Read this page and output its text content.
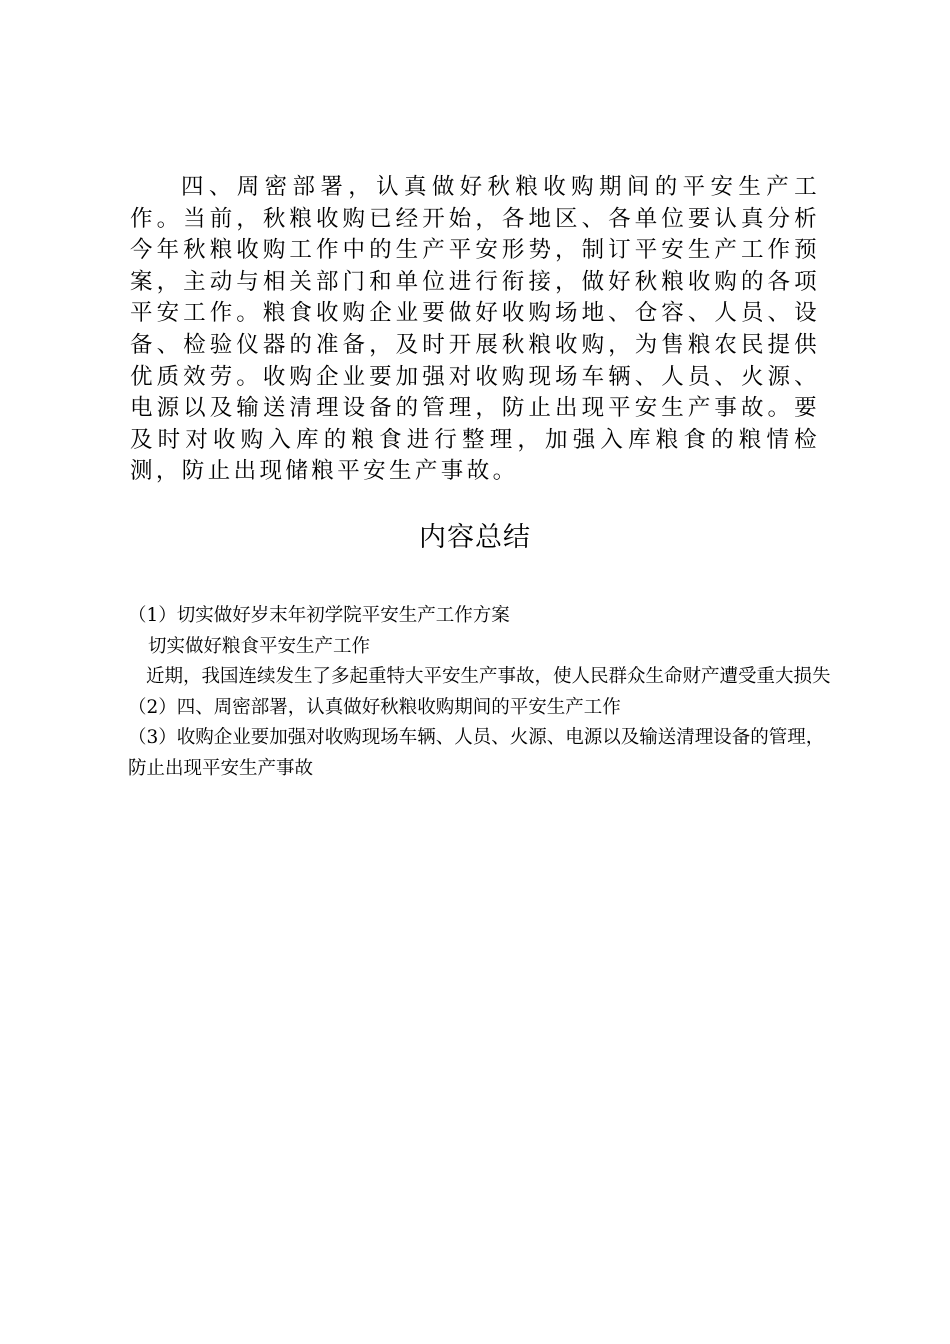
四、周密部署，认真做好秋粮收购期间的平安生产工作。当前，秋粮收购已经开始，各地区、各单位要认真分析今年秋粮收购工作中的生产平安形势，制订平安生产工作预案，主动与相关部门和单位进行衔接，做好秋粮收购的各项平安工作。粮食收购企业要做好收购场地、仓容、人员、设备、检验仪器的准备，及时开展秋粮收购，为售粮农民提供优质效劳。收购企业要加强对收购现场车辆、人员、火源、电源以及输送清理设备的管理，防止出现平安生产事故。要及时对收购入库的粮食进行整理，加强入库粮食的粮情检测，防止出现储粮平安生产事故。

内容总结

（1）切实做好岁末年初学院平安生产工作方案

切实做好粮食平安生产工作

近期，我国连续发生了多起重特大平安生产事故，使人民群众生命财产遭受重大损失

（2）四、周密部署，认真做好秋粮收购期间的平安生产工作

（3）收购企业要加强对收购现场车辆、人员、火源、电源以及输送清理设备的管理，防止出现平安生产事故
